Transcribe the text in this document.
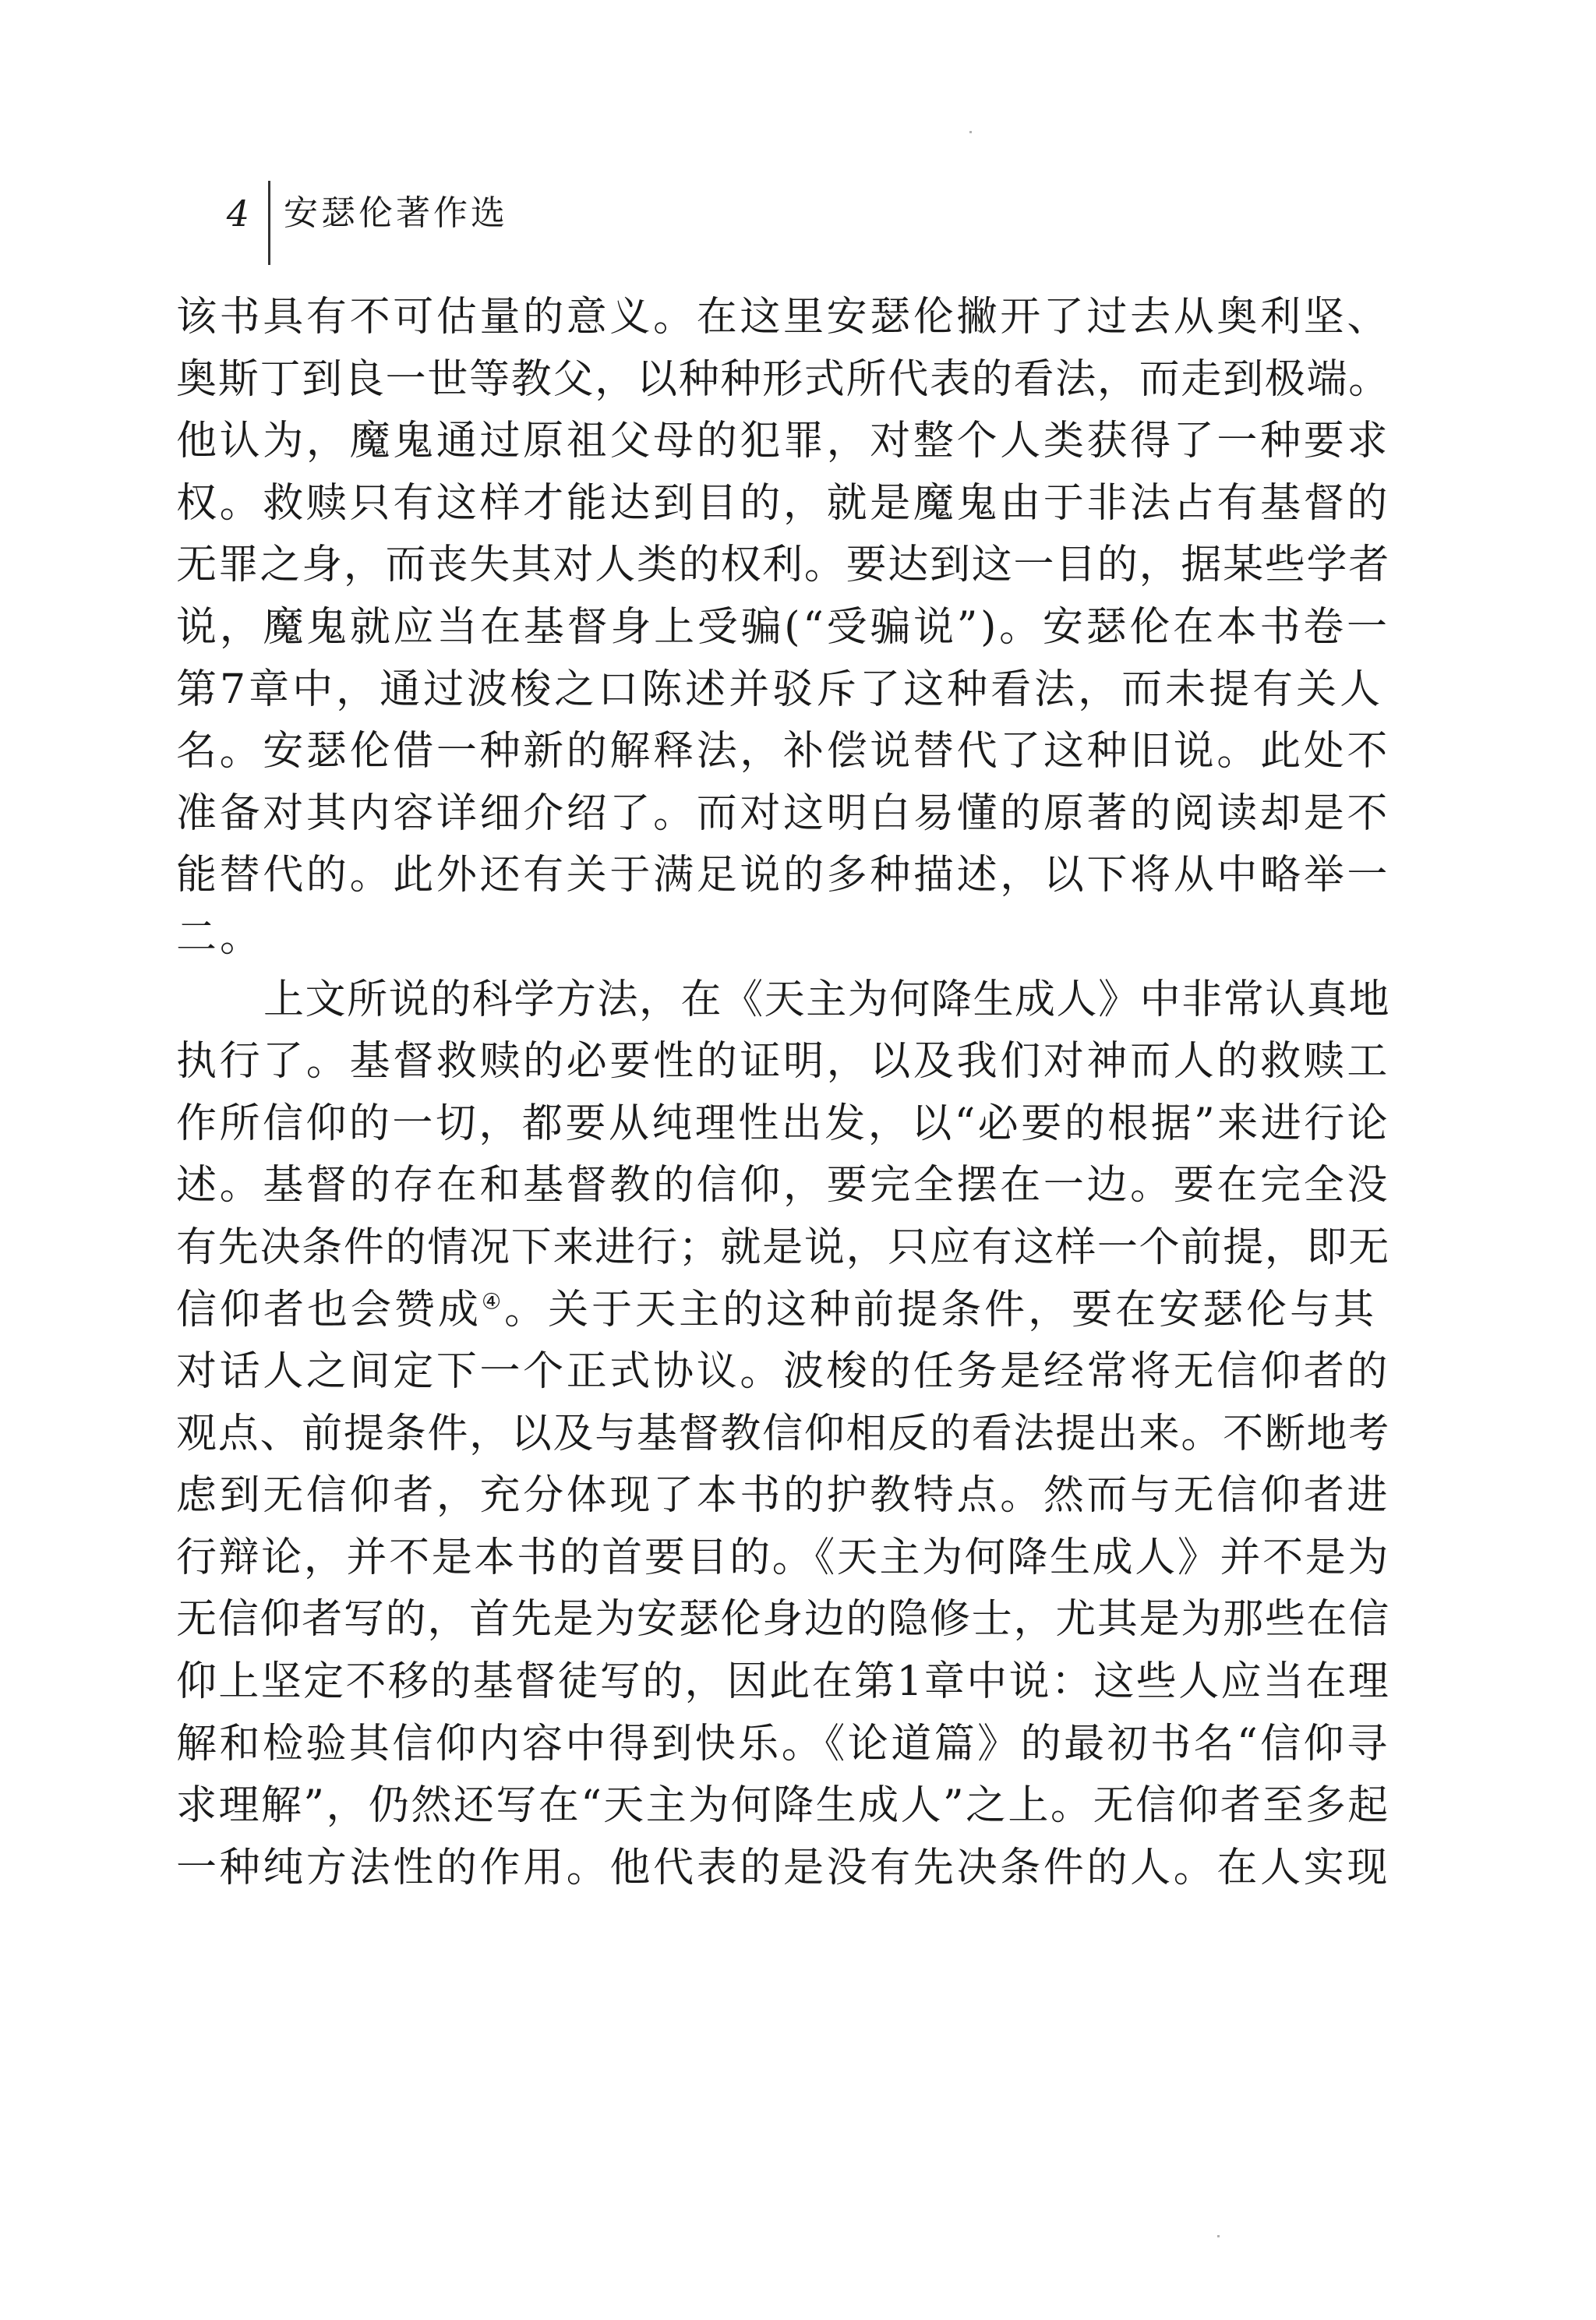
4 安瑟伦著作选
该书具有不可估量的意义。在这里安瑟伦撇开了过去从奥利坚、
奥斯丁到良一世等教父，以种种形式所代表的看法，而走到极端。
他认为，魔鬼通过原祖父母的犯罪，对整个人类获得了一种要求
权。救赎只有这样才能达到目的，就是魔鬼由于非法占有基督的
无罪之身，而丧失其对人类的权利。要达到这一目的，据某些学者
说，魔鬼就应当在基督身上受骗(“受骗说”)。安瑟伦在本书卷一
第7章中，通过波梭之口陈述并驳斥了这种看法，而未提有关人
名。安瑟伦借一种新的解释法，补偿说替代了这种旧说。此处不
准备对其内容详细介绍了。而对这明白易懂的原著的阅读却是不
能替代的。此外还有关于满足说的多种描述，以下将从中略举一
二。
上文所说的科学方法，在《天主为何降生成人》中非常认真地
执行了。基督救赎的必要性的证明，以及我们对神而人的救赎工
作所信仰的一切，都要从纯理性出发，以“必要的根据”来进行论
述。基督的存在和基督教的信仰，要完全摆在一边。要在完全没
有先决条件的情况下来进行；就是说，只应有这样一个前提，即无
信仰者也会赞成④。关于天主的这种前提条件，要在安瑟伦与其
对话人之间定下一个正式协议。波梭的任务是经常将无信仰者的
观点、前提条件，以及与基督教信仰相反的看法提出来。不断地考
虑到无信仰者，充分体现了本书的护教特点。然而与无信仰者进
行辩论，并不是本书的首要目的。《天主为何降生成人》并不是为
无信仰者写的，首先是为安瑟伦身边的隐修士，尤其是为那些在信
仰上坚定不移的基督徒写的，因此在第1章中说：这些人应当在理
解和检验其信仰内容中得到快乐。《论道篇》的最初书名“信仰寻
求理解”，仍然还写在“天主为何降生成人”之上。无信仰者至多起
一种纯方法性的作用。他代表的是没有先决条件的人。在人实现
